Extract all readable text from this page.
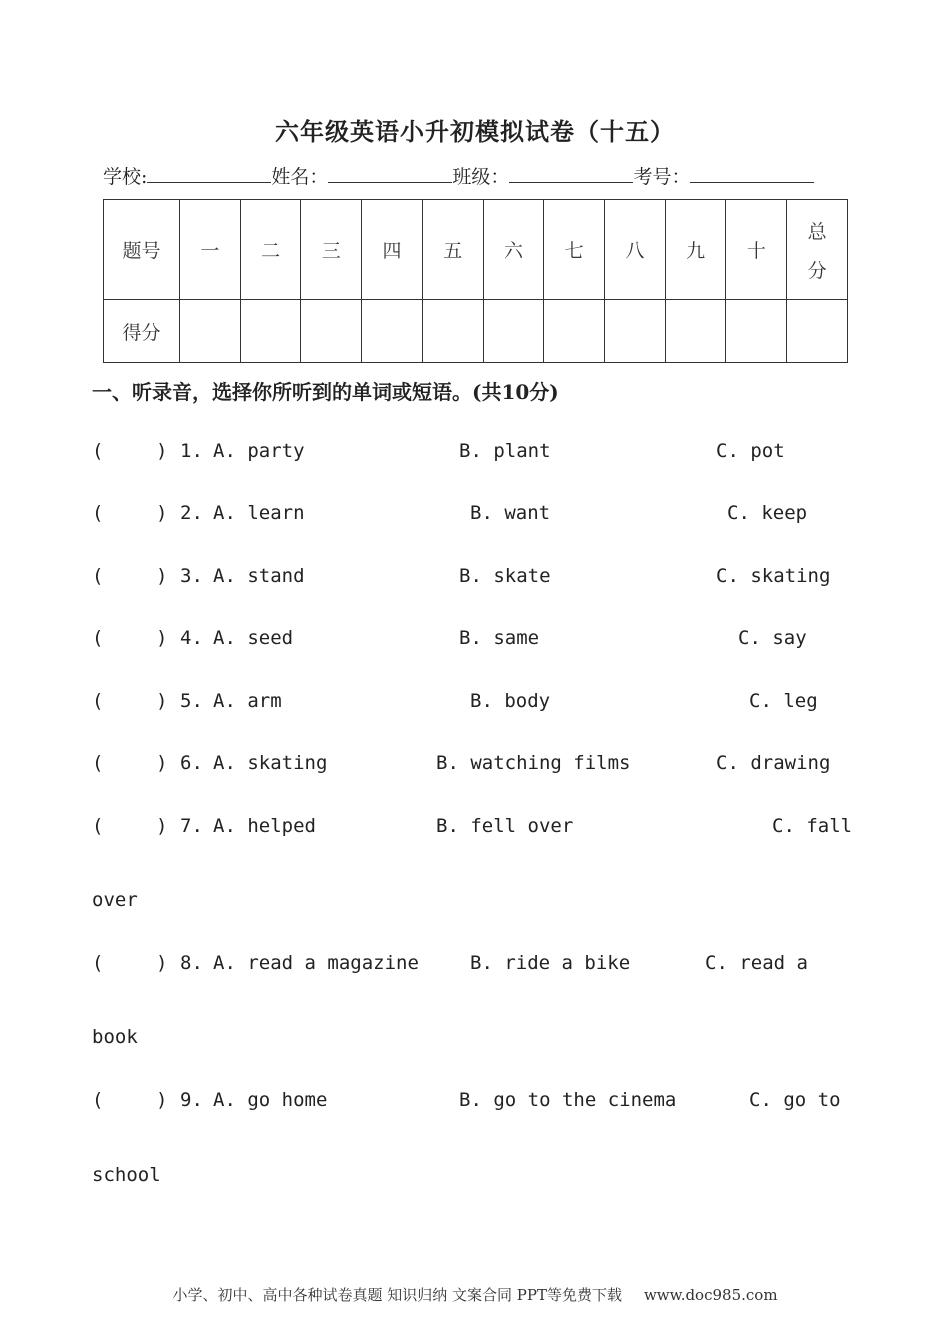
六年级英语小升初模拟试卷（十五）
学校:	姓名：	班级：	考号：
题号	一	二	三	四	五	六	七	八	九	十	总
分

得分											
一、听录音，选择你所听到的单词或短语。(共10分)
(	) 1. A. party	B. plant	C. pot
(	) 2. A. learn	B. want	C. keep
(	) 3. A. stand	B. skate	C. skating
(	) 4. A. seed	B. same	C. say
(	) 5. A. arm	B. body	C. leg
(	) 6. A. skating	B. watching films	C. drawing
(	) 7. A. helped	B. fell over	C. fall
over
(	) 8. A. read a magazine	B. ride a bike	C. read a
book
(	) 9. A. go home	B. go to the cinema	C. go to
school
小学、初中、高中各种试卷真题 知识归纳 文案合同 PPT等免费下载 www.doc985.com
